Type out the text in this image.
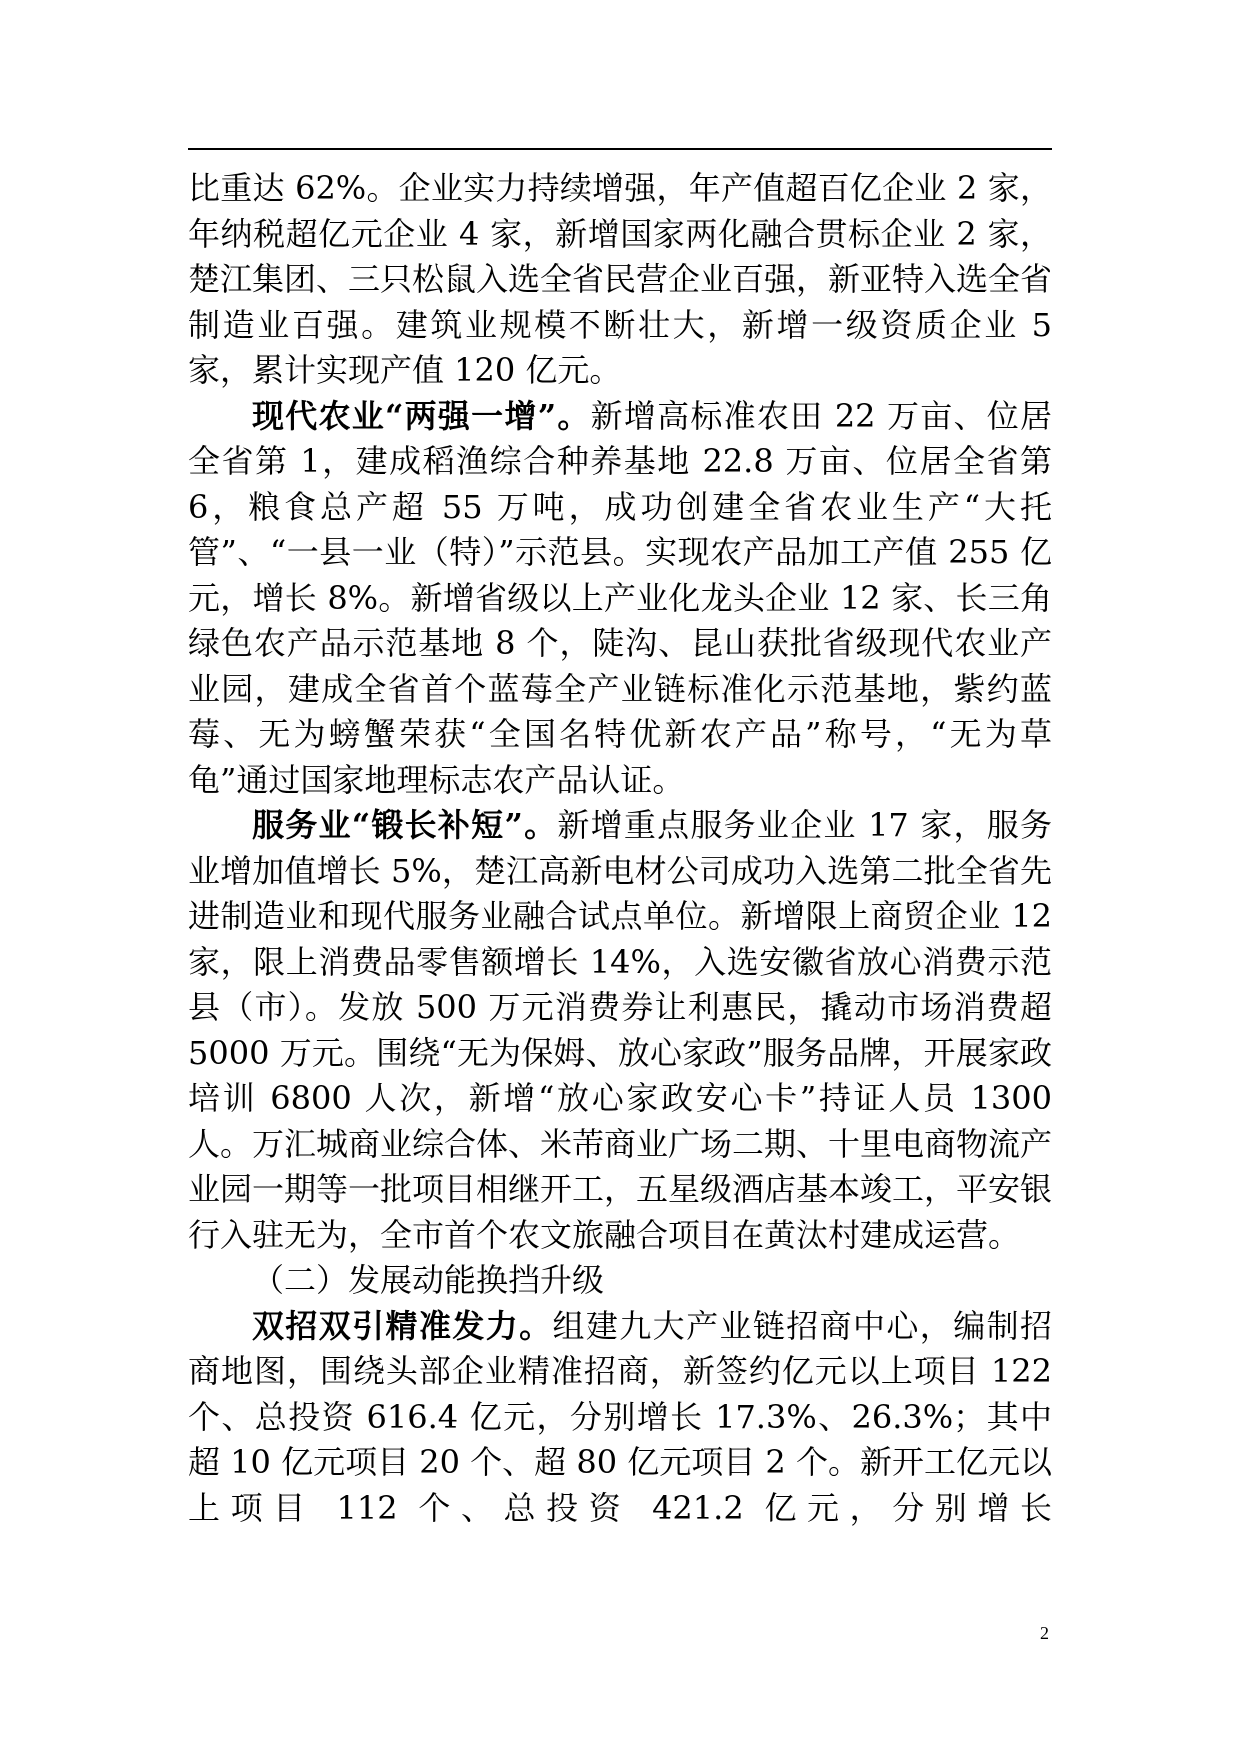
比重达 62%。企业实力持续增强，年产值超百亿企业 2 家，年纳税超亿元企业 4 家，新增国家两化融合贯标企业 2 家，楚江集团、三只松鼠入选全省民营企业百强，新亚特入选全省制造业百强。建筑业规模不断壮大，新增一级资质企业 5 家，累计实现产值 120 亿元。

现代农业“两强一增”。新增高标准农田 22 万亩、位居全省第 1，建成稻渔综合种养基地 22.8 万亩、位居全省第 6，粮食总产超 55 万吨，成功创建全省农业生产“大托管”、“一县一业（特）”示范县。实现农产品加工产值 255 亿元，增长 8%。新增省级以上产业化龙头企业 12 家、长三角绿色农产品示范基地 8 个，陡沟、昆山获批省级现代农业产业园，建成全省首个蓝莓全产业链标准化示范基地，紫约蓝莓、无为螃蟹荣获“全国名特优新农产品”称号，“无为草龟”通过国家地理标志农产品认证。

服务业“锻长补短”。新增重点服务业企业 17 家，服务业增加值增长 5%，楚江高新电材公司成功入选第二批全省先进制造业和现代服务业融合试点单位。新增限上商贸企业 12 家，限上消费品零售额增长 14%，入选安徽省放心消费示范县（市）。发放 500 万元消费券让利惠民，撬动市场消费超 5000 万元。围绕“无为保姆、放心家政”服务品牌，开展家政培训 6800 人次，新增“放心家政安心卡”持证人员 1300 人。万汇城商业综合体、米芾商业广场二期、十里电商物流产业园一期等一批项目相继开工，五星级酒店基本竣工，平安银行入驻无为，全市首个农文旅融合项目在黄汰村建成运营。

（二）发展动能换挡升级

双招双引精准发力。组建九大产业链招商中心，编制招商地图，围绕头部企业精准招商，新签约亿元以上项目 122 个、总投资 616.4 亿元，分别增长 17.3%、26.3%；其中超 10 亿元项目 20 个、超 80 亿元项目 2 个。新开工亿元以上项目 112 个、总投资 421.2 亿元，分别增长

2
